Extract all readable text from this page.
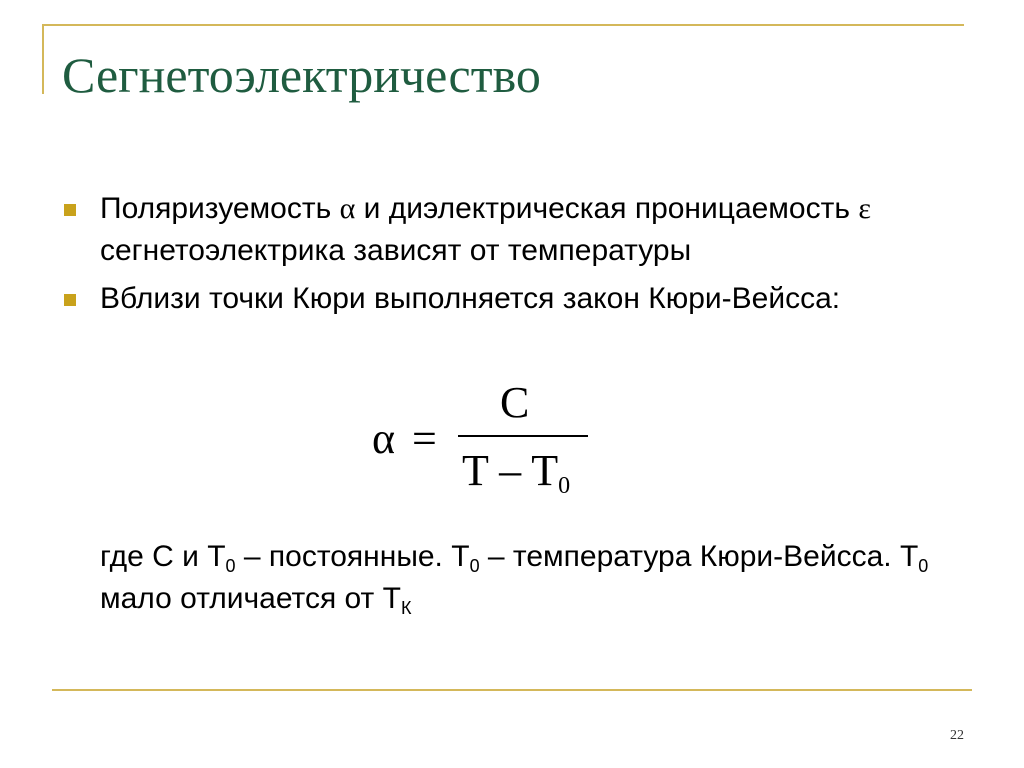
Сегнетоэлектричество
Поляризуемость α и диэлектрическая проницаемость ε сегнетоэлектрика зависят от температуры
Вблизи точки Кюри выполняется закон Кюри-Вейсса:
α =
C
T – $T_0$
где С и $T_0$ – постоянные. $T_0$ – температура Кюри-Вейсса. $T_0$ мало отличается от $T_К$
22
